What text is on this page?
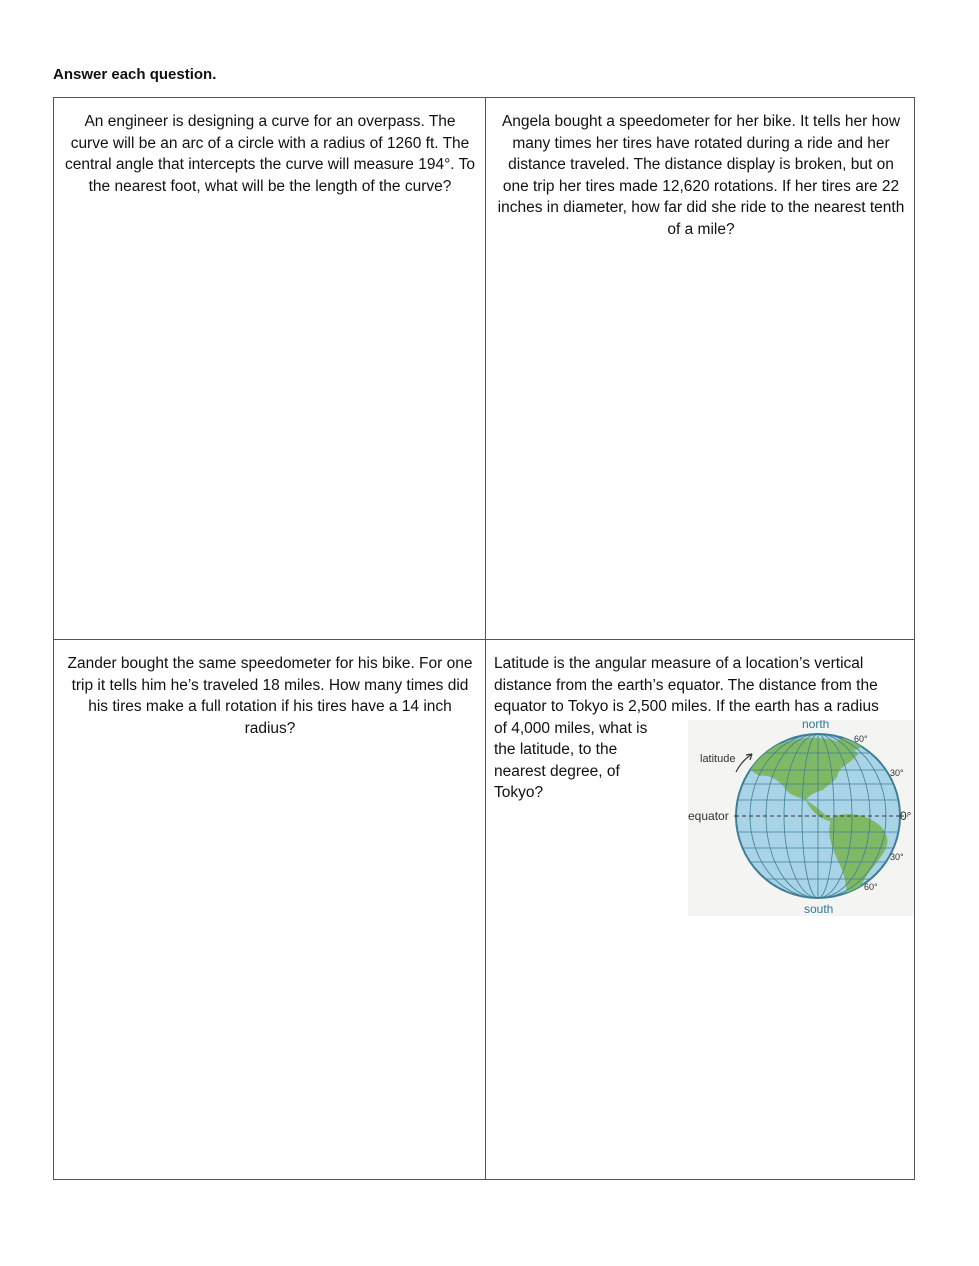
Answer each question.
An engineer is designing a curve for an overpass. The curve will be an arc of a circle with a radius of 1260 ft. The central angle that intercepts the curve will measure 194°. To the nearest foot, what will be the length of the curve?
Angela bought a speedometer for her bike. It tells her how many times her tires have rotated during a ride and her distance traveled. The distance display is broken, but on one trip her tires made 12,620 rotations. If her tires are 22 inches in diameter, how far did she ride to the nearest tenth of a mile?
Zander bought the same speedometer for his bike. For one trip it tells him he’s traveled 18 miles. How many times did his tires make a full rotation if his tires have a 14 inch radius?
Latitude is the angular measure of a location’s vertical distance from the earth’s equator. The distance from the equator to Tokyo is 2,500 miles. If the earth has a radius
of 4,000 miles, what is the latitude, to the nearest degree, of Tokyo?
north
south
latitude
equator
60°
30°
0°
30°
60°
